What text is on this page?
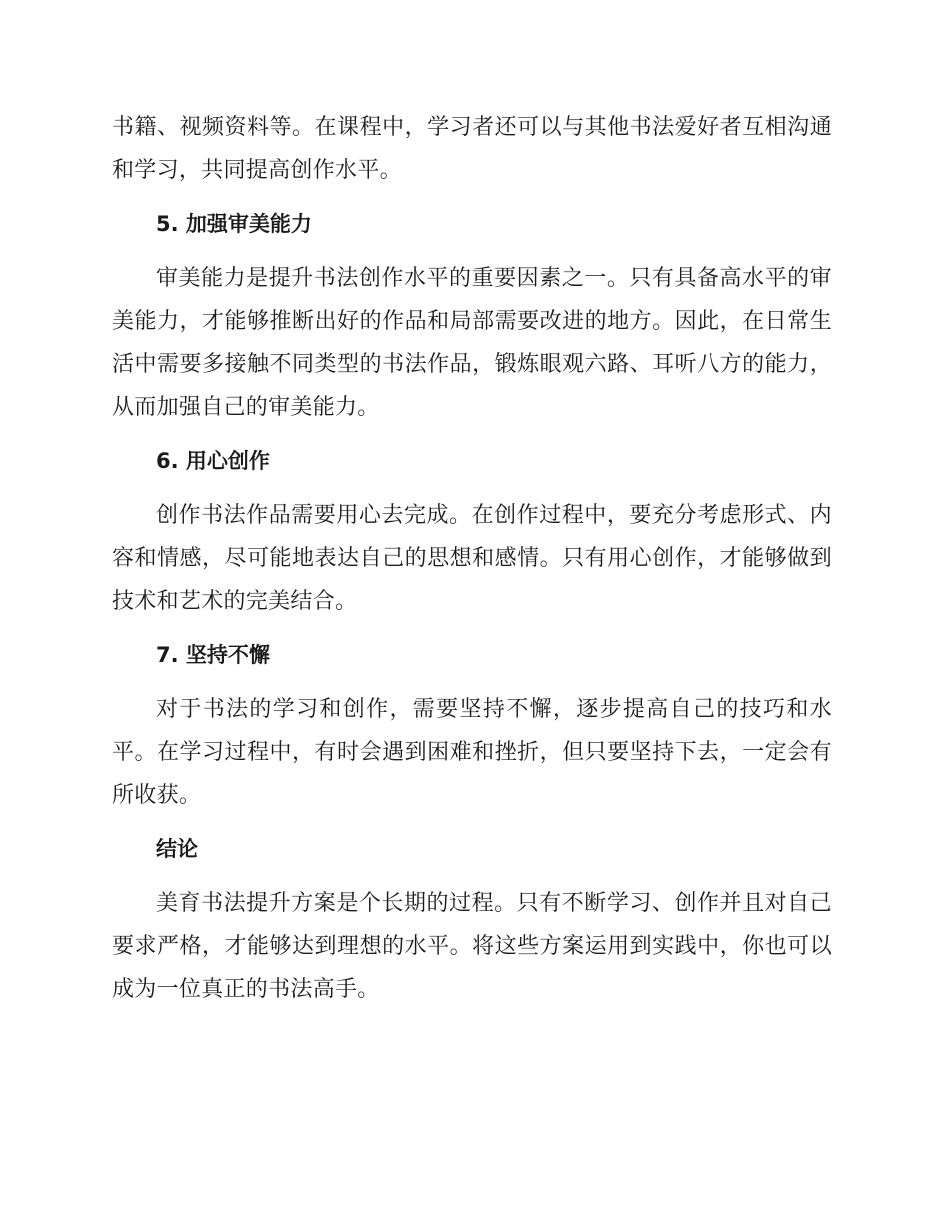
书籍、视频资料等。在课程中，学习者还可以与其他书法爱好者互相沟通和学习，共同提高创作水平。

5. 加强审美能力

审美能力是提升书法创作水平的重要因素之一。只有具备高水平的审美能力，才能够推断出好的作品和局部需要改进的地方。因此，在日常生活中需要多接触不同类型的书法作品，锻炼眼观六路、耳听八方的能力，从而加强自己的审美能力。

6. 用心创作

创作书法作品需要用心去完成。在创作过程中，要充分考虑形式、内容和情感，尽可能地表达自己的思想和感情。只有用心创作，才能够做到技术和艺术的完美结合。

7. 坚持不懈

对于书法的学习和创作，需要坚持不懈，逐步提高自己的技巧和水平。在学习过程中，有时会遇到困难和挫折，但只要坚持下去，一定会有所收获。

结论

美育书法提升方案是个长期的过程。只有不断学习、创作并且对自己要求严格，才能够达到理想的水平。将这些方案运用到实践中，你也可以成为一位真正的书法高手。
